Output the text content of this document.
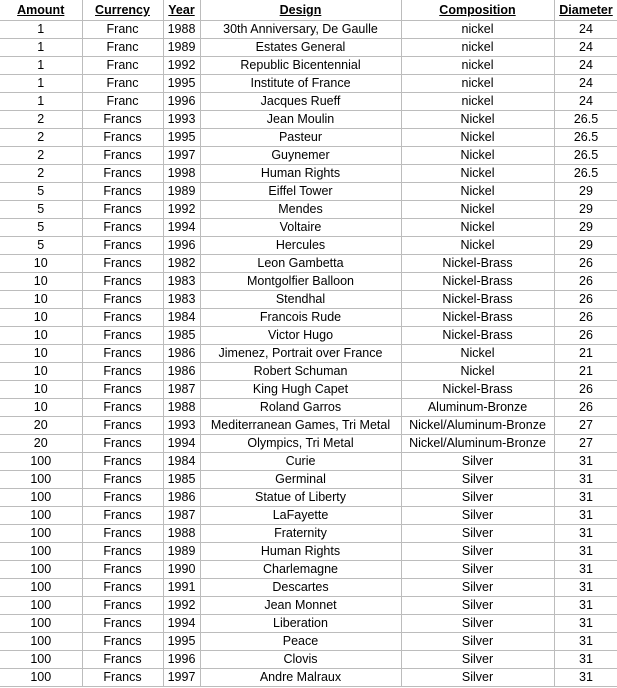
Amount	Currency	Year	Design	Composition	Diameter
1	Franc	1988	30th Anniversary, De Gaulle	nickel	24
1	Franc	1989	Estates General	nickel	24
1	Franc	1992	Republic Bicentennial	nickel	24
1	Franc	1995	Institute of France	nickel	24
1	Franc	1996	Jacques Rueff	nickel	24
2	Francs	1993	Jean Moulin	Nickel	26.5
2	Francs	1995	Pasteur	Nickel	26.5
2	Francs	1997	Guynemer	Nickel	26.5
2	Francs	1998	Human Rights	Nickel	26.5
5	Francs	1989	Eiffel Tower	Nickel	29
5	Francs	1992	Mendes	Nickel	29
5	Francs	1994	Voltaire	Nickel	29
5	Francs	1996	Hercules	Nickel	29
10	Francs	1982	Leon Gambetta	Nickel-Brass	26
10	Francs	1983	Montgolfier Balloon	Nickel-Brass	26
10	Francs	1983	Stendhal	Nickel-Brass	26
10	Francs	1984	Francois Rude	Nickel-Brass	26
10	Francs	1985	Victor Hugo	Nickel-Brass	26
10	Francs	1986	Jimenez, Portrait over France	Nickel	21
10	Francs	1986	Robert Schuman	Nickel	21
10	Francs	1987	King Hugh Capet	Nickel-Brass	26
10	Francs	1988	Roland Garros	Aluminum-Bronze	26
20	Francs	1993	Mediterranean Games, Tri Metal	Nickel/Aluminum-Bronze	27
20	Francs	1994	Olympics, Tri Metal	Nickel/Aluminum-Bronze	27
100	Francs	1984	Curie	Silver	31
100	Francs	1985	Germinal	Silver	31
100	Francs	1986	Statue of Liberty	Silver	31
100	Francs	1987	LaFayette	Silver	31
100	Francs	1988	Fraternity	Silver	31
100	Francs	1989	Human Rights	Silver	31
100	Francs	1990	Charlemagne	Silver	31
100	Francs	1991	Descartes	Silver	31
100	Francs	1992	Jean Monnet	Silver	31
100	Francs	1994	Liberation	Silver	31
100	Francs	1995	Peace	Silver	31
100	Francs	1996	Clovis	Silver	31
100	Francs	1997	Andre Malraux	Silver	31
